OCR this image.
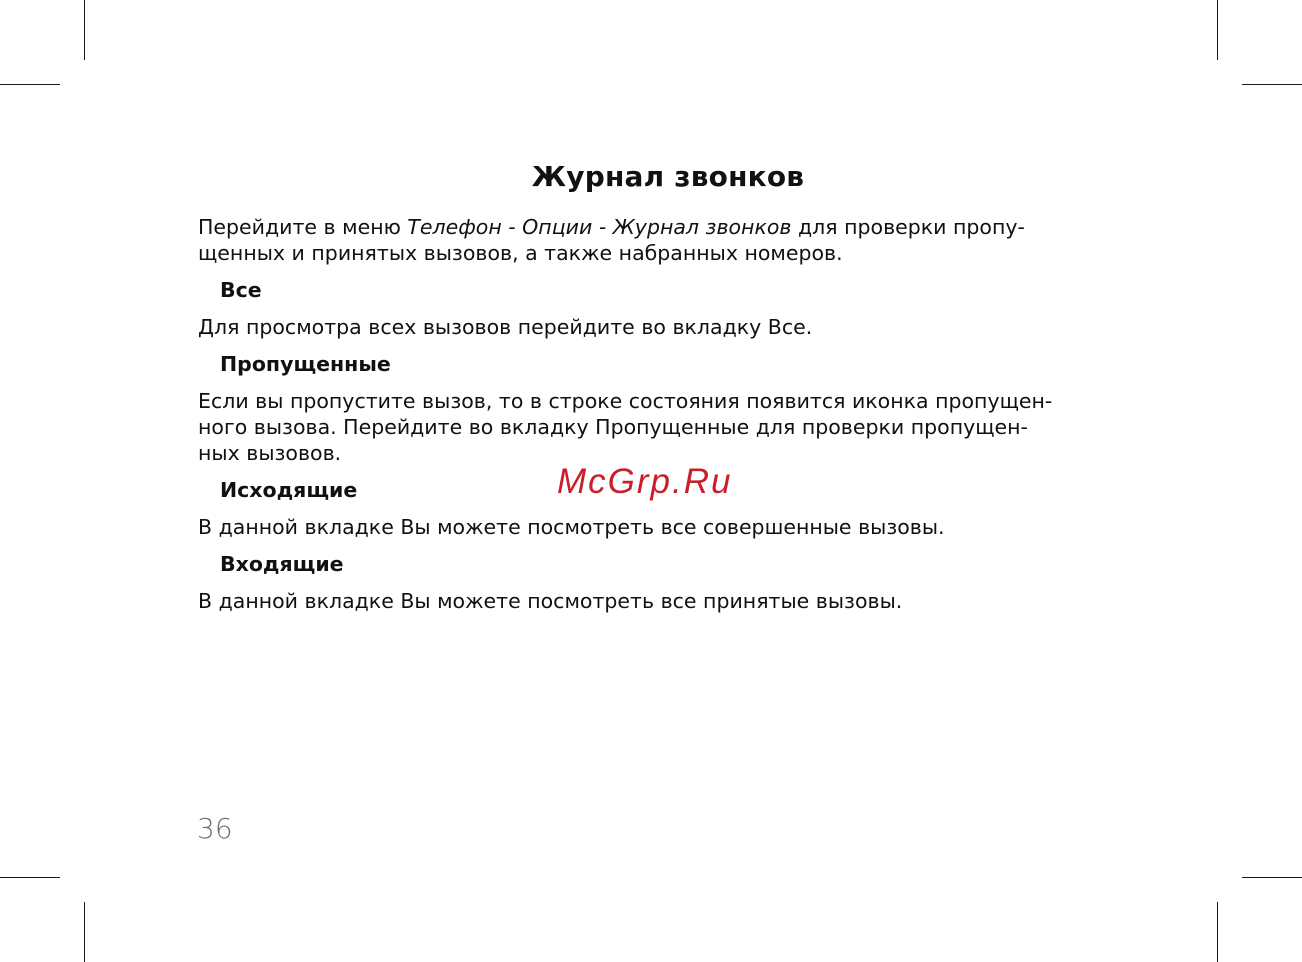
Журнал звонков

Перейдите в меню Телефон - Опции - Журнал звонков для проверки пропу-

щенных и принятых вызовов, а также набранных номеров.

Все

Для просмотра всех вызовов перейдите во вкладку Все.

Пропущенные
Если вы пропустите вызов, то в строке состояния появится иконка пропущен-
ного вызова. Перейдите во вкладку Пропущенные для проверки пропущен-
ных вызовов.
Исходящие

В данной вкладке Вы можете посмотреть все совершенные вызовы.

Входящие

В данной вкладке Вы можете посмотреть все принятые вызовы.

McGrp.Ru
36
